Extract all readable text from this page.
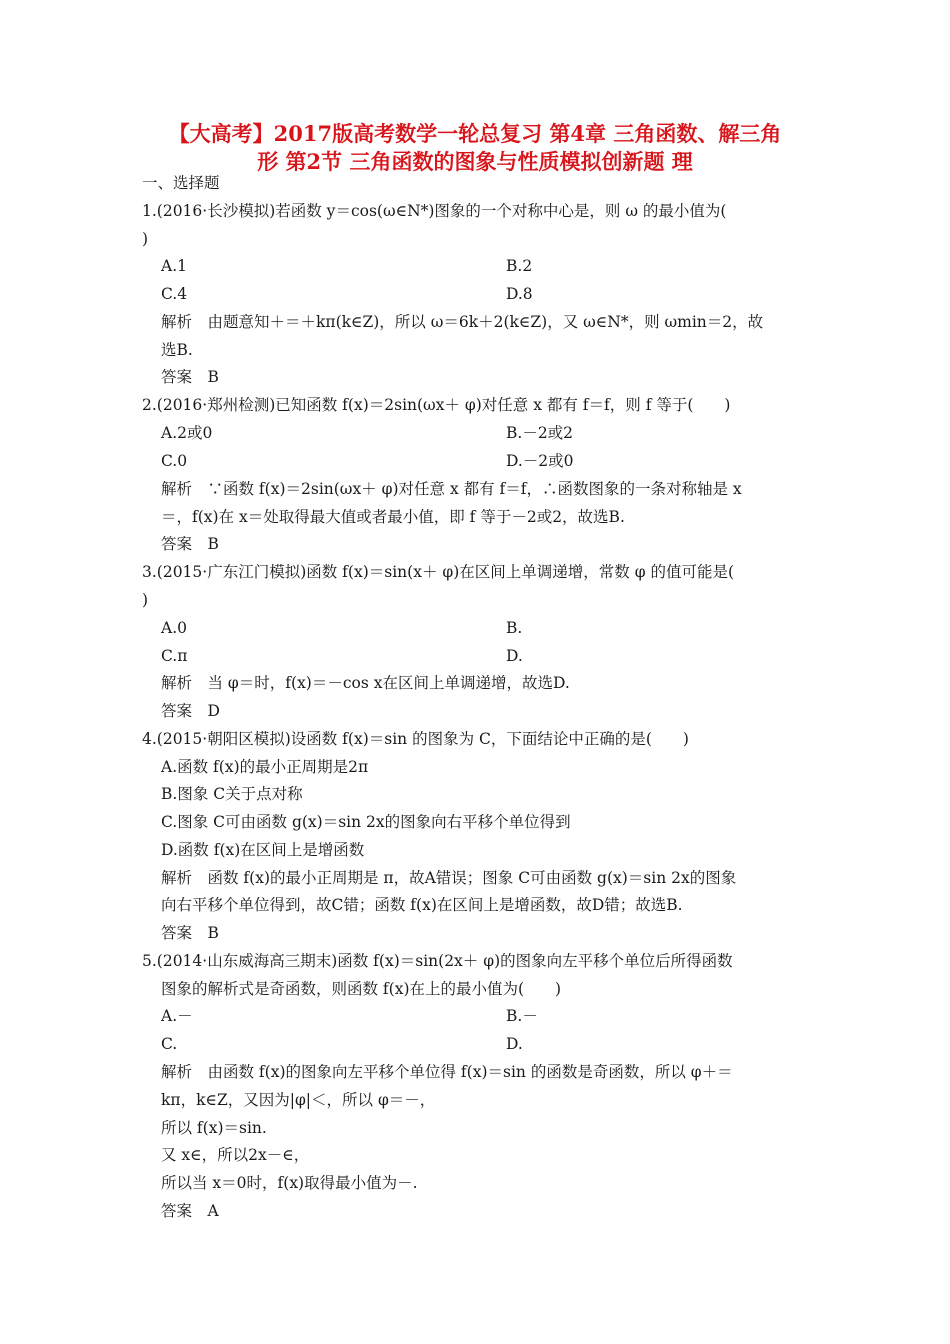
【大高考】2017版高考数学一轮总复习 第4章 三角函数、解三角
形 第2节 三角函数的图象与性质模拟创新题 理
一、选择题
1.(2016·长沙模拟)若函数 y＝cos(ω∈N*)图象的一个对称中心是，则 ω 的最小值为(
)
A.1	B.2
C.4	D.8
解析　由题意知＋＝＋kπ(k∈Z)，所以 ω＝6k＋2(k∈Z)，又 ω∈N*，则 ωmin＝2，故
选B.
答案　B
2.(2016·郑州检测)已知函数 f(x)＝2sin(ωx＋ φ)对任意 x 都有 f＝f，则 f 等于(　　)
A.2或0	B.－2或2
C.0	D.－2或0
解析　∵函数 f(x)＝2sin(ωx＋ φ)对任意 x 都有 f＝f，∴函数图象的一条对称轴是 x
＝，f(x)在 x＝处取得最大值或者最小值，即 f 等于－2或2，故选B.
答案　B
3.(2015·广东江门模拟)函数 f(x)＝sin(x＋ φ)在区间上单调递增，常数 φ 的值可能是(
)
A.0	B.
C.π	D.
解析　当 φ＝时，f(x)＝－cos x在区间上单调递增，故选D.
答案　D
4.(2015·朝阳区模拟)设函数 f(x)＝sin 的图象为 C，下面结论中正确的是(　　)
A.函数 f(x)的最小正周期是2π
B.图象 C关于点对称
C.图象 C可由函数 g(x)＝sin 2x的图象向右平移个单位得到
D.函数 f(x)在区间上是增函数
解析　函数 f(x)的最小正周期是 π，故A错误；图象 C可由函数 g(x)＝sin 2x的图象
向右平移个单位得到，故C错；函数 f(x)在区间上是增函数，故D错；故选B.
答案　B
5.(2014·山东威海高三期末)函数 f(x)＝sin(2x＋ φ)的图象向左平移个单位后所得函数
图象的解析式是奇函数，则函数 f(x)在上的最小值为(　　)
A.－	B.－
C.	D.
解析　由函数 f(x)的图象向左平移个单位得 f(x)＝sin 的函数是奇函数，所以 φ＋＝
kπ，k∈Z，又因为|φ|＜，所以 φ＝－，
所以 f(x)＝sin.
又 x∈，所以2x－∈，
所以当 x＝0时，f(x)取得最小值为－.
答案　A
